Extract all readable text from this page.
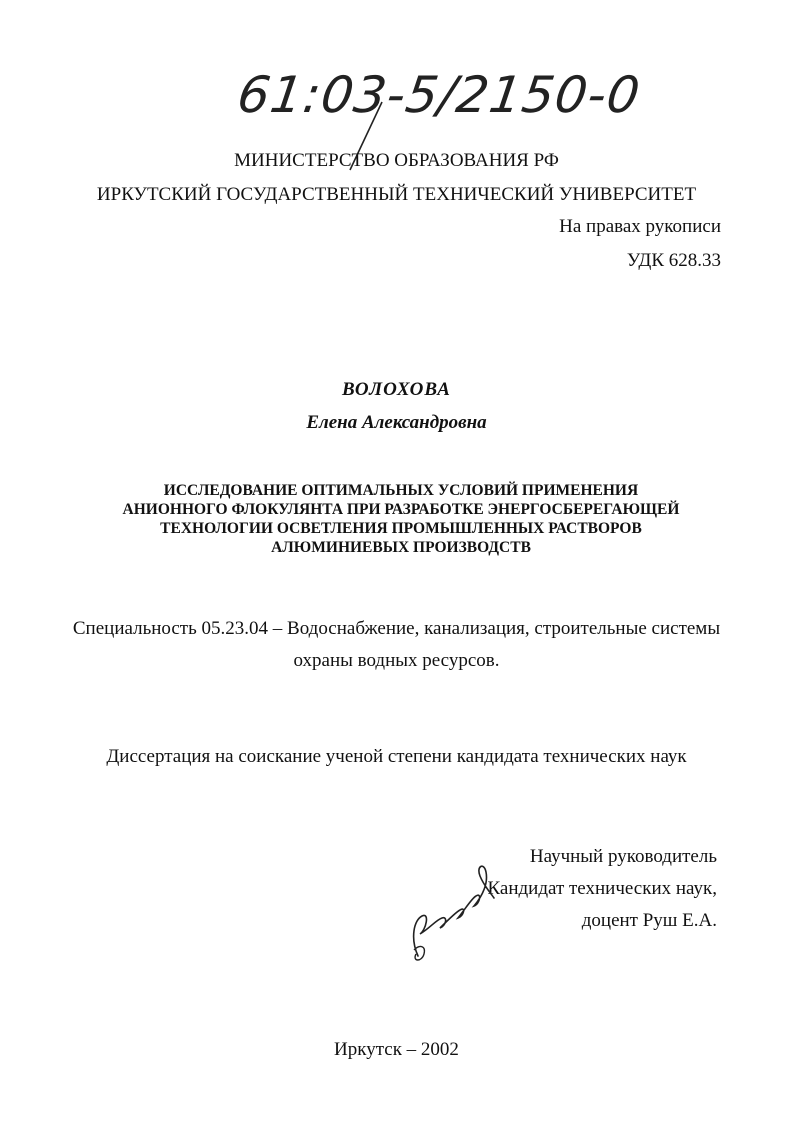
61:03-5/2150-0
МИНИСТЕРСТВО ОБРАЗОВАНИЯ РФ
ИРКУТСКИЙ ГОСУДАРСТВЕННЫЙ ТЕХНИЧЕСКИЙ УНИВЕРСИТЕТ
На правах рукописи
УДК 628.33
ВОЛОХОВА
Елена Александровна
ИССЛЕДОВАНИЕ ОПТИМАЛЬНЫХ УСЛОВИЙ ПРИМЕНЕНИЯ
АНИОННОГО ФЛОКУЛЯНТА ПРИ РАЗРАБОТКЕ ЭНЕРГОСБЕРЕГАЮЩЕЙ
ТЕХНОЛОГИИ ОСВЕТЛЕНИЯ ПРОМЫШЛЕННЫХ РАСТВОРОВ
АЛЮМИНИЕВЫХ ПРОИЗВОДСТВ
Специальность 05.23.04 – Водоснабжение, канализация, строительные системы
охраны водных ресурсов.
Диссертация на соискание ученой степени кандидата технических наук
Научный руководитель
Кандидат технических наук,
доцент Руш Е.А.
Иркутск – 2002
